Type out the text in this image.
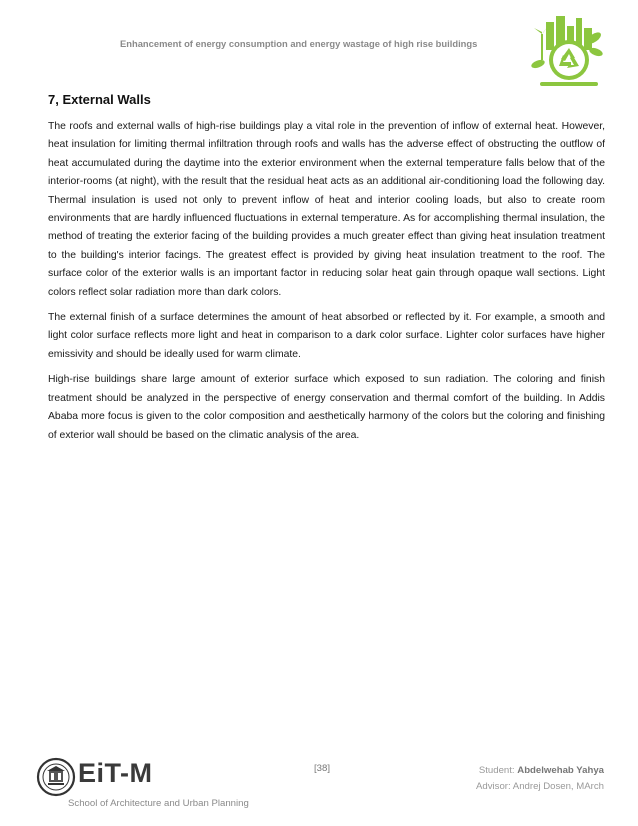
Enhancement of energy consumption and energy wastage of high rise buildings
7, External Walls

The roofs and external walls of high-rise buildings play a vital role in the prevention of inflow of external heat. However, heat insulation for limiting thermal infiltration through roofs and walls has the adverse effect of obstructing the outflow of heat accumulated during the daytime into the exterior environment when the external temperature falls below that of the interior-rooms (at night), with the result that the residual heat acts as an additional air-conditioning load the following day. Thermal insulation is used not only to prevent inflow of heat and interior cooling loads, but also to create room environments that are hardly influenced fluctuations in external temperature. As for accomplishing thermal insulation, the method of treating the exterior facing of the building provides a much greater effect than giving heat insulation treatment to the building's interior facings. The greatest effect is provided by giving heat insulation treatment to the roof. The surface color of the exterior walls is an important factor in reducing solar heat gain through opaque wall sections. Light colors reflect solar radiation more than dark colors.

The external finish of a surface determines the amount of heat absorbed or reflected by it. For example, a smooth and light color surface reflects more light and heat in comparison to a dark color surface. Lighter color surfaces have higher emissivity and should be ideally used for warm climate.

High-rise buildings share large amount of exterior surface which exposed to sun radiation. The coloring and finish treatment should be analyzed in the perspective of energy conservation and thermal comfort of the building. In Addis Ababa more focus is given to the color composition and aesthetically harmony of the colors but the coloring and finishing of exterior wall should be based on the climatic analysis of the area.

[38]	Student: Abdelwehab Yahya
Advisor: Andrej Dosen, MArch
EiT-M
School of Architecture and Urban Planning
